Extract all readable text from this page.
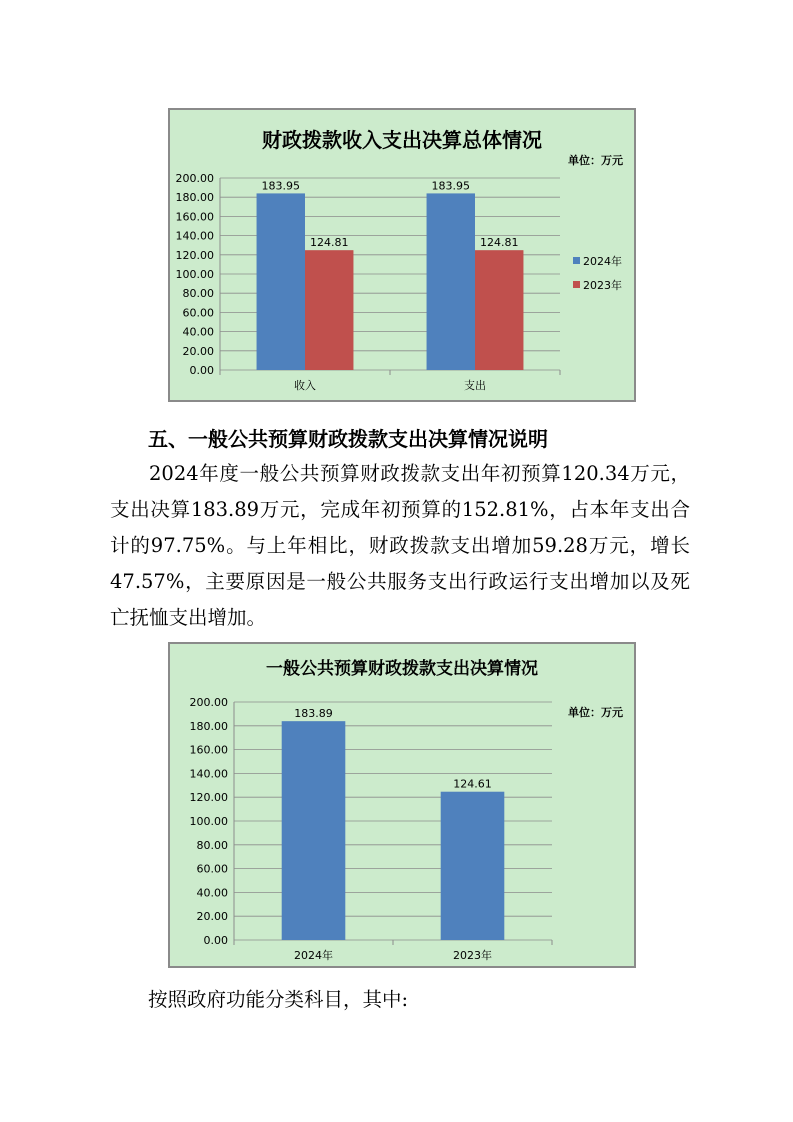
财政拨款收入支出决算总体情况
单位：万元
0.00
20.00
40.00
60.00
80.00
100.00
120.00
140.00
160.00
180.00
200.00
收入
183.95
124.81
支出
183.95
124.81
2024年
2023年
五、一般公共预算财政拨款支出决算情况说明

2024年度一般公共预算财政拨款支出年初预算120.34万元，支出决算183.89万元，完成年初预算的152.81%，占本年支出合计的97.75%。与上年相比，财政拨款支出增加59.28万元，增长47.57%，主要原因是一般公共服务支出行政运行支出增加以及死亡抚恤支出增加。

一般公共预算财政拨款支出决算情况
单位：万元
0.00
20.00
40.00
60.00
80.00
100.00
120.00
140.00
160.00
180.00
200.00
2024年
183.89
2023年
124.61

按照政府功能分类科目，其中:
